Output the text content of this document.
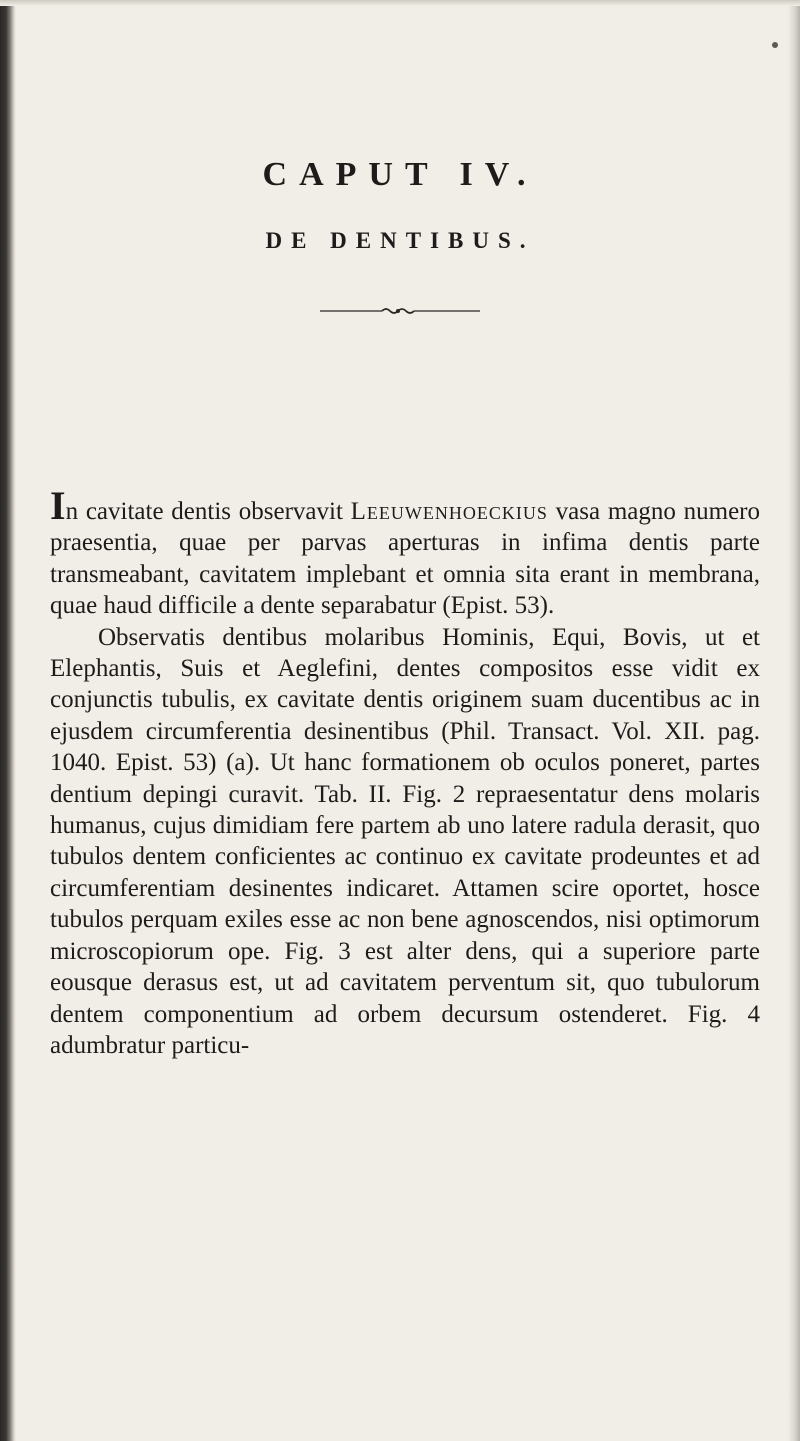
CAPUT IV.
DE DENTIBUS.

In cavitate dentis observavit Leeuwenhoeckius vasa magno numero praesentia, quae per parvas aperturas in infima dentis parte transmeabant, cavitatem implebant et omnia sita erant in membrana, quae haud difficile a dente separabatur (Epist. 53).

Observatis dentibus molaribus Hominis, Equi, Bovis, ut et Elephantis, Suis et Aeglefini, dentes compositos esse vidit ex conjunctis tubulis, ex cavitate dentis originem suam ducentibus ac in ejusdem circumferentia desinentibus (Phil. Transact. Vol. XII. pag. 1040. Epist. 53) (a). Ut hanc formationem ob oculos poneret, partes dentium depingi curavit. Tab. II. Fig. 2 repraesentatur dens molaris humanus, cujus dimidiam fere partem ab uno latere radula derasit, quo tubulos dentem conficientes ac continuo ex cavitate prodeuntes et ad circumferentiam desinentes indicaret. Attamen scire oportet, hosce tubulos perquam exiles esse ac non bene agnoscendos, nisi optimorum microscopiorum ope. Fig. 3 est alter dens, qui a superiore parte eousque derasus est, ut ad cavitatem perventum sit, quo tubulorum dentem componentium ad orbem decursum ostenderet. Fig. 4 adumbratur particu-
